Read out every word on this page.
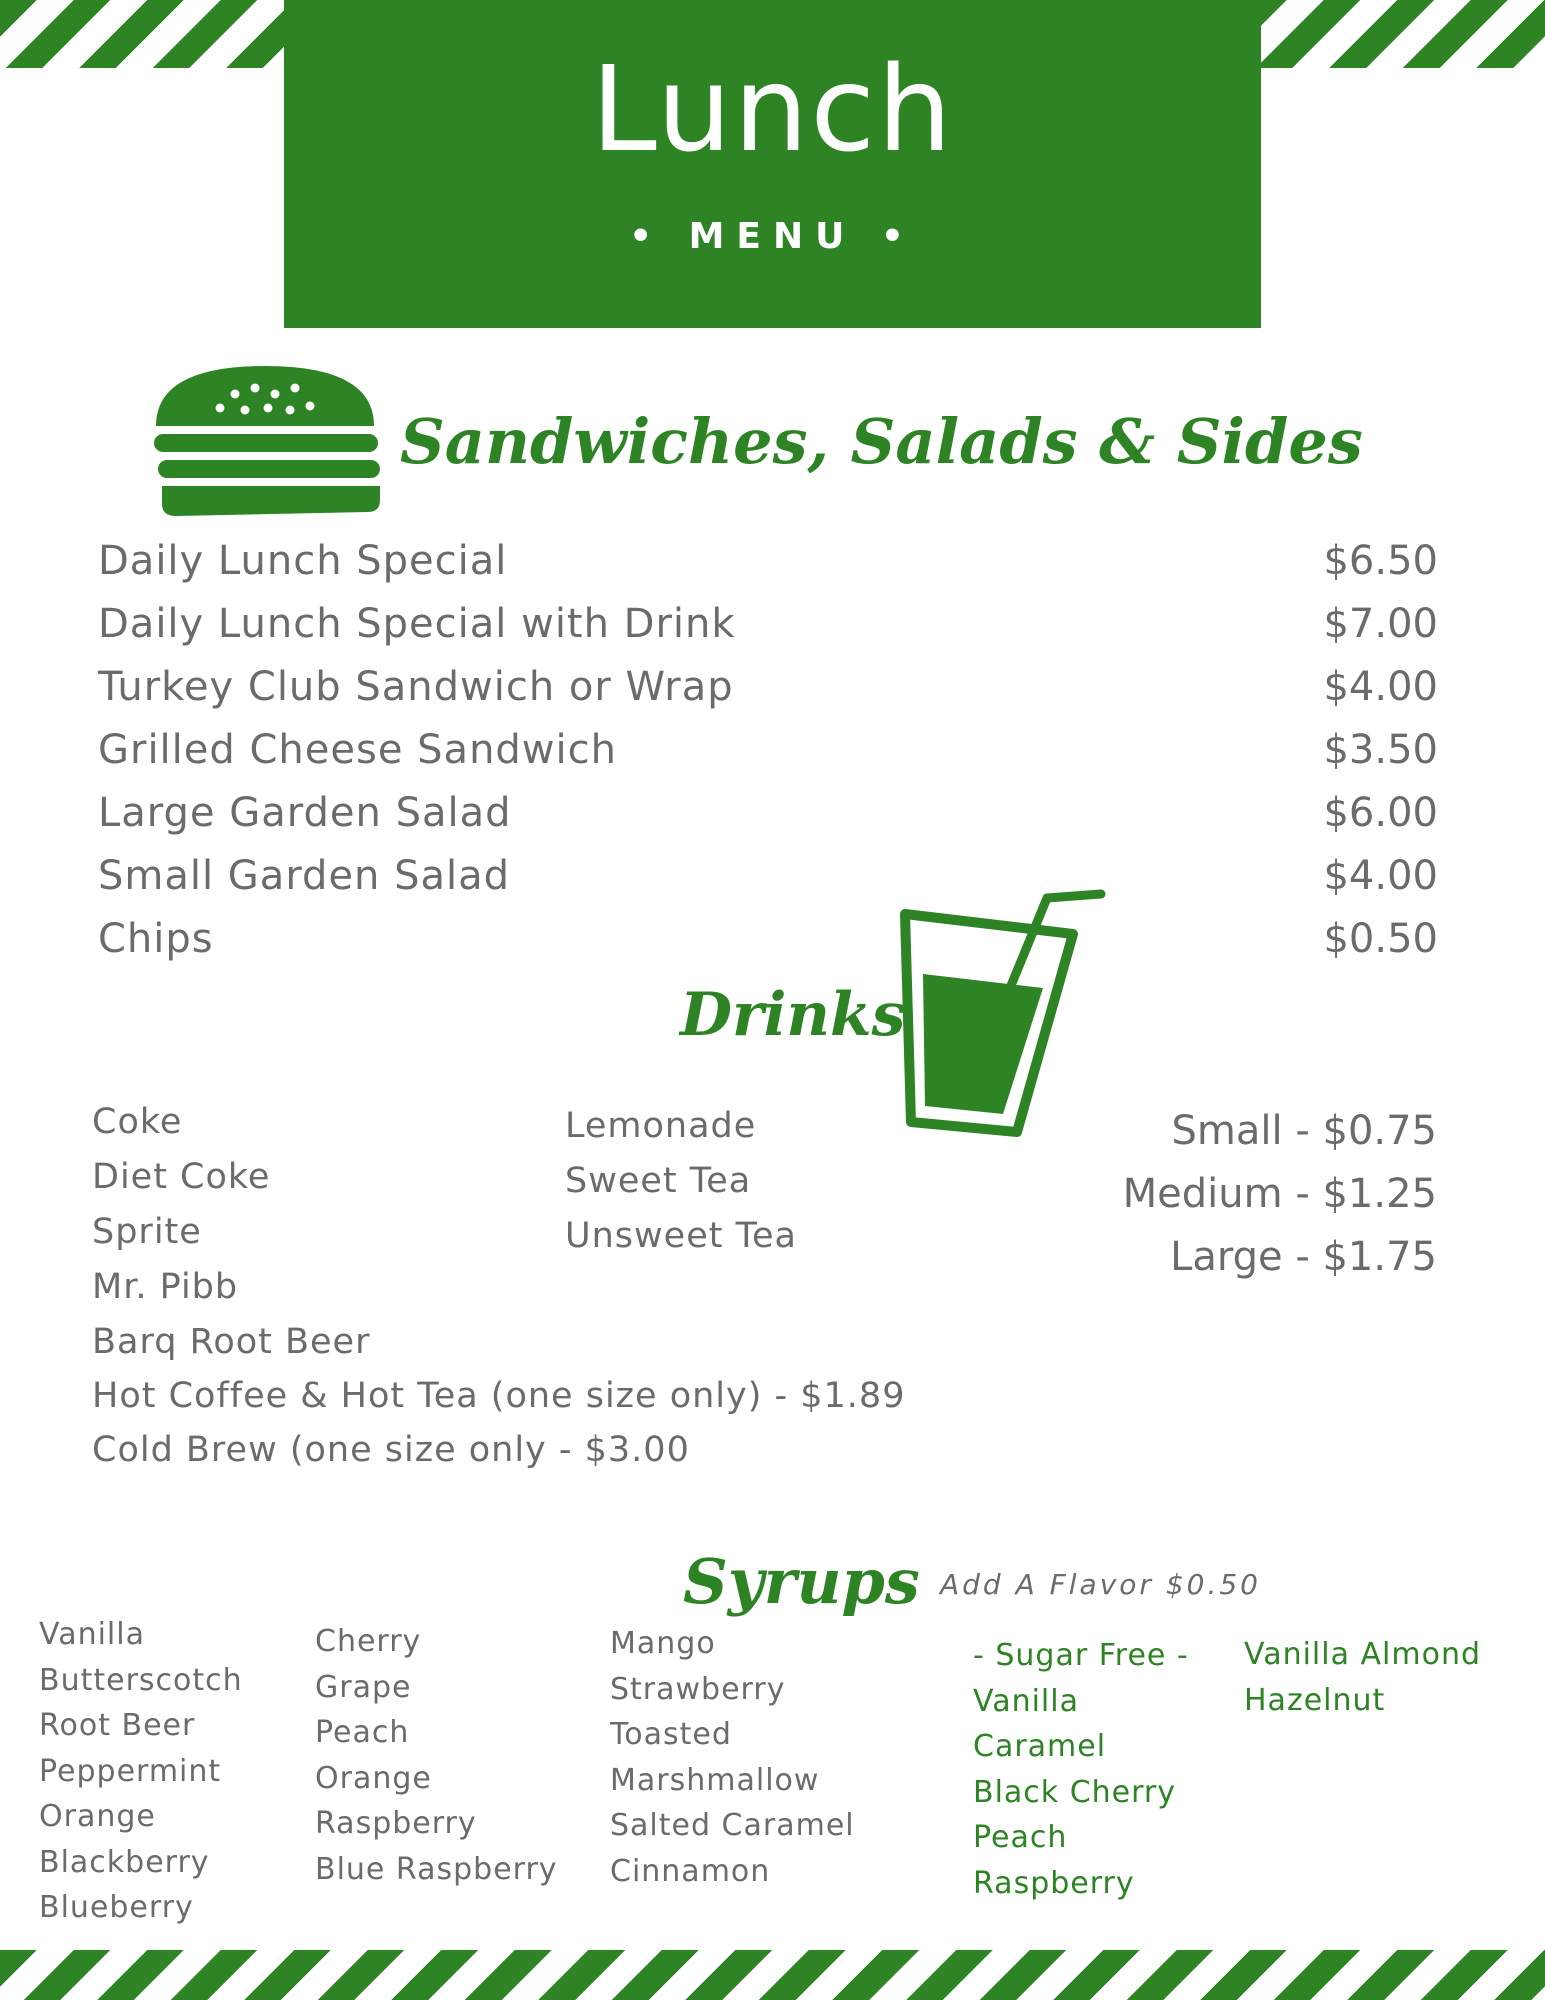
Lunch
• MENU •
Sandwiches, Salads & Sides
Daily Lunch Special	$6.50
Daily Lunch Special with Drink	$7.00
Turkey Club Sandwich or Wrap	$4.00
Grilled Cheese Sandwich	$3.50
Large Garden Salad	$6.00
Small Garden Salad	$4.00
Chips	$0.50
Drinks
Coke
Diet Coke
Sprite
Mr. Pibb
Barq Root Beer
Hot Coffee & Hot Tea (one size only) - $1.89
Cold Brew (one size only - $3.00
Lemonade
Sweet Tea
Unsweet Tea
Small - $0.75
Medium - $1.25
Large - $1.75
Syrups Add A Flavor $0.50
Vanilla
Butterscotch
Root Beer
Peppermint
Orange
Blackberry
Blueberry
Cherry
Grape
Peach
Orange
Raspberry
Blue Raspberry
Mango
Strawberry
Toasted
Marshmallow
Salted Caramel
Cinnamon
- Sugar Free -
Vanilla
Caramel
Black Cherry
Peach
Raspberry
Vanilla Almond
Hazelnut
